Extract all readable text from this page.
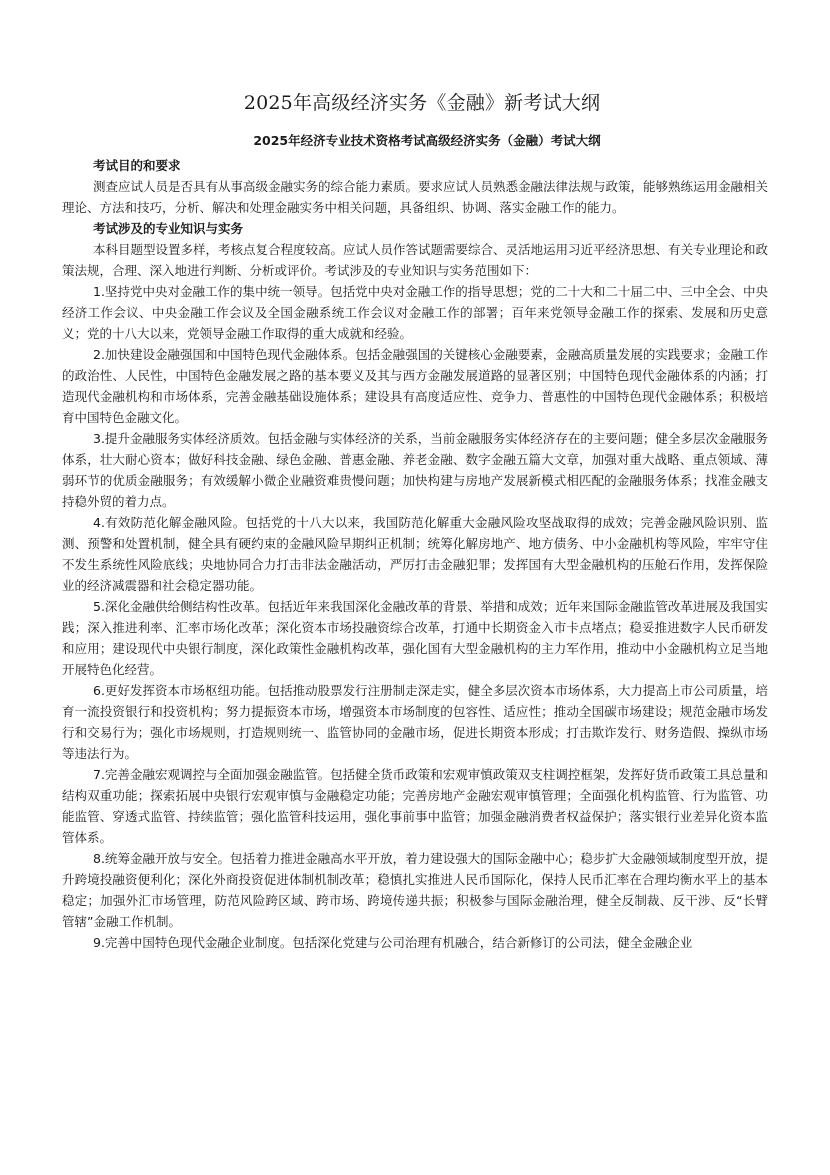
2025年高级经济实务《金融》新考试大纲
2025年经济专业技术资格考试高级经济实务（金融）考试大纲

考试目的和要求

测查应试人员是否具有从事高级金融实务的综合能力素质。要求应试人员熟悉金融法律法规与政策，能够熟练运用金融相关理论、方法和技巧，分析、解决和处理金融实务中相关问题，具备组织、协调、落实金融工作的能力。

考试涉及的专业知识与实务

本科目题型设置多样，考核点复合程度较高。应试人员作答试题需要综合、灵活地运用习近平经济思想、有关专业理论和政策法规，合理、深入地进行判断、分析或评价。考试涉及的专业知识与实务范围如下：

1.坚持党中央对金融工作的集中统一领导。包括党中央对金融工作的指导思想；党的二十大和二十届二中、三中全会、中央经济工作会议、中央金融工作会议及全国金融系统工作会议对金融工作的部署；百年来党领导金融工作的探索、发展和历史意义；党的十八大以来，党领导金融工作取得的重大成就和经验。

2.加快建设金融强国和中国特色现代金融体系。包括金融强国的关键核心金融要素，金融高质量发展的实践要求；金融工作的政治性、人民性，中国特色金融发展之路的基本要义及其与西方金融发展道路的显著区别；中国特色现代金融体系的内涵；打造现代金融机构和市场体系，完善金融基础设施体系；建设具有高度适应性、竞争力、普惠性的中国特色现代金融体系；积极培育中国特色金融文化。

3.提升金融服务实体经济质效。包括金融与实体经济的关系，当前金融服务实体经济存在的主要问题；健全多层次金融服务体系，壮大耐心资本；做好科技金融、绿色金融、普惠金融、养老金融、数字金融五篇大文章，加强对重大战略、重点领域、薄弱环节的优质金融服务；有效缓解小微企业融资难贵慢问题；加快构建与房地产发展新模式相匹配的金融服务体系；找准金融支持稳外贸的着力点。

4.有效防范化解金融风险。包括党的十八大以来，我国防范化解重大金融风险攻坚战取得的成效；完善金融风险识别、监测、预警和处置机制，健全具有硬约束的金融风险早期纠正机制；统筹化解房地产、地方债务、中小金融机构等风险，牢牢守住不发生系统性风险底线；央地协同合力打击非法金融活动，严厉打击金融犯罪；发挥国有大型金融机构的压舱石作用，发挥保险业的经济减震器和社会稳定器功能。

5.深化金融供给侧结构性改革。包括近年来我国深化金融改革的背景、举措和成效；近年来国际金融监管改革进展及我国实践；深入推进利率、汇率市场化改革；深化资本市场投融资综合改革，打通中长期资金入市卡点堵点；稳妥推进数字人民币研发和应用；建设现代中央银行制度，深化政策性金融机构改革，强化国有大型金融机构的主力军作用，推动中小金融机构立足当地开展特色化经营。

6.更好发挥资本市场枢纽功能。包括推动股票发行注册制走深走实，健全多层次资本市场体系，大力提高上市公司质量，培育一流投资银行和投资机构；努力提振资本市场，增强资本市场制度的包容性、适应性；推动全国碳市场建设；规范金融市场发行和交易行为；强化市场规则，打造规则统一、监管协同的金融市场，促进长期资本形成；打击欺诈发行、财务造假、操纵市场等违法行为。

7.完善金融宏观调控与全面加强金融监管。包括健全货币政策和宏观审慎政策双支柱调控框架，发挥好货币政策工具总量和结构双重功能；探索拓展中央银行宏观审慎与金融稳定功能；完善房地产金融宏观审慎管理；全面强化机构监管、行为监管、功能监管、穿透式监管、持续监管；强化监管科技运用，强化事前事中监管；加强金融消费者权益保护；落实银行业差异化资本监管体系。

8.统筹金融开放与安全。包括着力推进金融高水平开放，着力建设强大的国际金融中心；稳步扩大金融领域制度型开放，提升跨境投融资便利化；深化外商投资促进体制机制改革；稳慎扎实推进人民币国际化，保持人民币汇率在合理均衡水平上的基本稳定；加强外汇市场管理，防范风险跨区域、跨市场、跨境传递共振；积极参与国际金融治理，健全反制裁、反干涉、反“长臂管辖”金融工作机制。

9.完善中国特色现代金融企业制度。包括深化党建与公司治理有机融合，结合新修订的公司法，健全金融企业
